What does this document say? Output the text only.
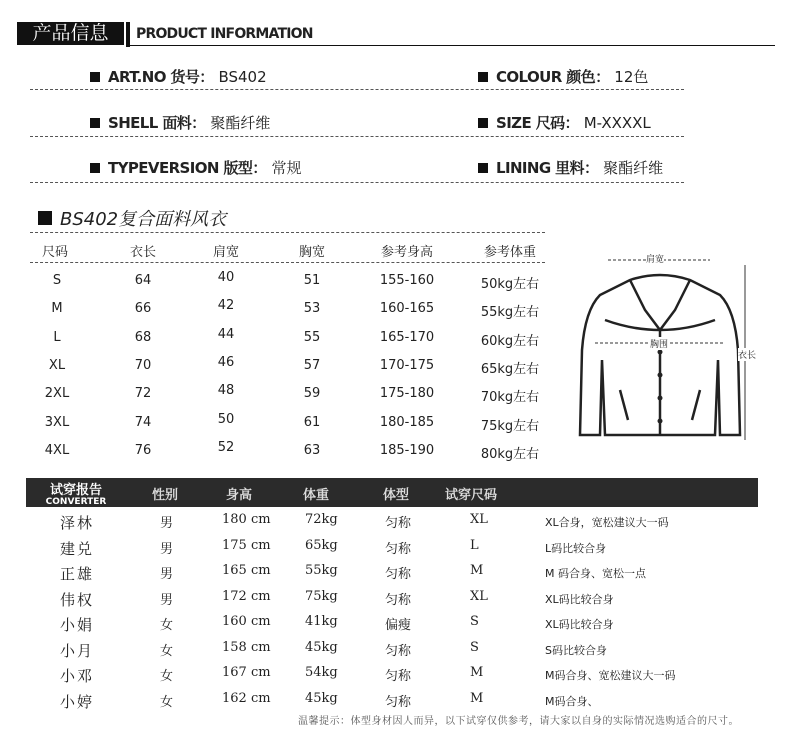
产品信息	PRODUCT INFORMATION
ART.NO 货号： BS402	COLOUR 颜色： 12色
SHELL 面料： 聚酯纤维	SIZE 尺码： M-XXXXL
TYPEVERSION 版型： 常规	LINING 里料： 聚酯纤维
BS402复合面料风衣
尺码	衣长	肩宽	胸宽	参考身高	参考体重
S	64	40	51	155-160	50kg左右
M	66	42	53	160-165	55kg左右
L	68	44	55	165-170	60kg左右
XL	70	46	57	170-175	65kg左右
2XL	72	48	59	175-180	70kg左右
3XL	74	50	61	180-185	75kg左右
4XL	76	52	63	185-190	80kg左右
肩宽
胸围
衣长
试穿报告
CONVERTER	性别	身高	体重	体型	试穿尺码
泽林	男	180 cm	72kg	匀称	XL	XL合身，宽松建议大一码
建兑	男	175 cm	65kg	匀称	L	L码比较合身
正雄	男	165 cm	55kg	匀称	M	M 码合身、宽松一点
伟权	男	172 cm	75kg	匀称	XL	XL码比较合身
小娟	女	160 cm	41kg	偏瘦	S	XL码比较合身
小月	女	158 cm	45kg	匀称	S	S码比较合身
小邓	女	167 cm	54kg	匀称	M	M码合身、宽松建议大一码
小婷	女	162 cm	45kg	匀称	M	M码合身、
温馨提示：体型身材因人而异，以下试穿仅供参考，请大家以自身的实际情况选购适合的尺寸。
